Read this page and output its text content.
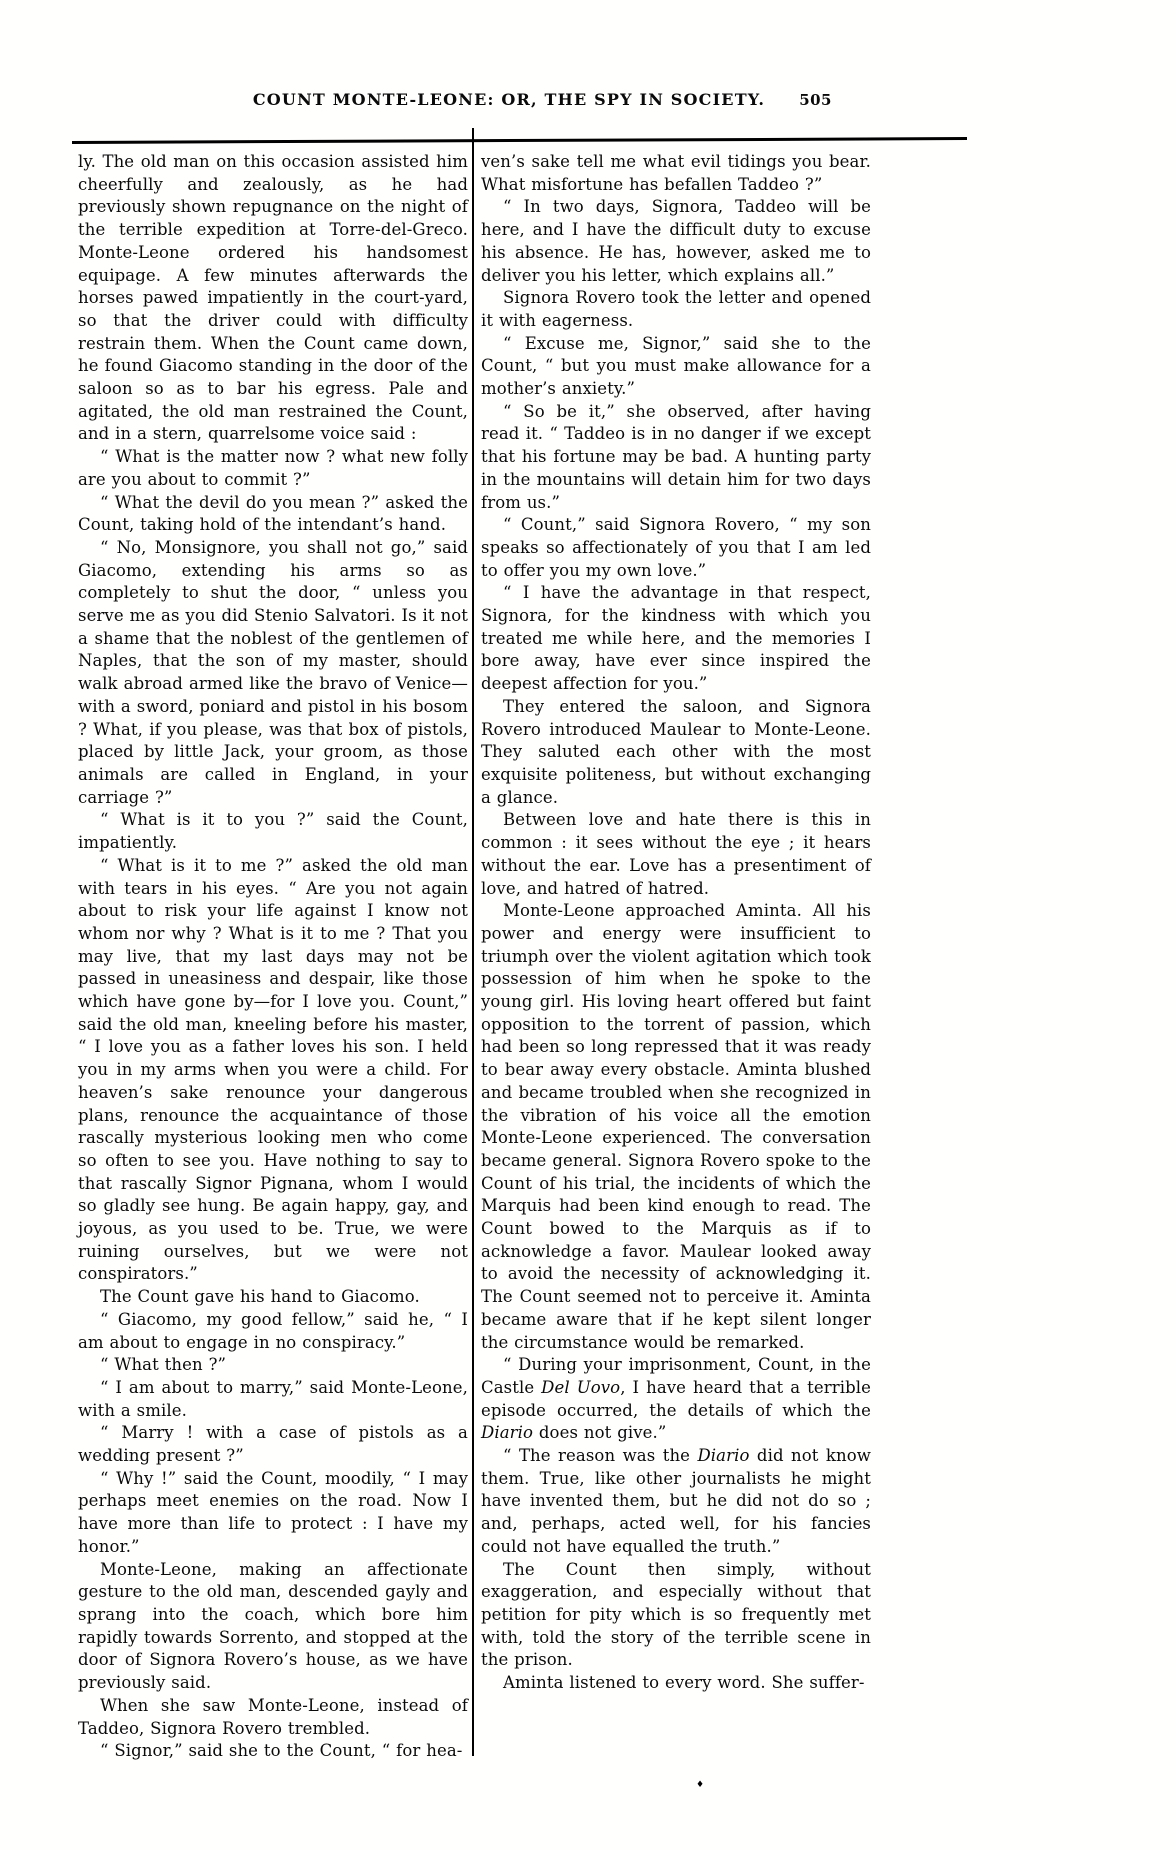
COUNT MONTE-LEONE: OR, THE SPY IN SOCIETY.	505

ly. The old man on this occasion assisted him cheerfully and zealously, as he had previously shown repugnance on the night of the terrible expedition at Torre-del-Greco. Monte-Leone ordered his handsomest equipage. A few minutes afterwards the horses pawed impatiently in the court-yard, so that the driver could with difficulty restrain them. When the Count came down, he found Giacomo standing in the door of the saloon so as to bar his egress. Pale and agitated, the old man restrained the Count, and in a stern, quarrelsome voice said :

“ What is the matter now ? what new folly are you about to commit ?”

“ What the devil do you mean ?” asked the Count, taking hold of the intendant’s hand.

“ No, Monsignore, you shall not go,” said Giacomo, extending his arms so as completely to shut the door, “ unless you serve me as you did Stenio Salvatori. Is it not a shame that the noblest of the gentlemen of Naples, that the son of my master, should walk abroad armed like the bravo of Venice—with a sword, poniard and pistol in his bosom ? What, if you please, was that box of pistols, placed by little Jack, your groom, as those animals are called in England, in your carriage ?”

“ What is it to you ?” said the Count, impatiently.

“ What is it to me ?” asked the old man with tears in his eyes. “ Are you not again about to risk your life against I know not whom nor why ? What is it to me ? That you may live, that my last days may not be passed in uneasiness and despair, like those which have gone by—for I love you. Count,” said the old man, kneeling before his master, “ I love you as a father loves his son. I held you in my arms when you were a child. For heaven’s sake renounce your dangerous plans, renounce the acquaintance of those rascally mysterious looking men who come so often to see you. Have nothing to say to that rascally Signor Pignana, whom I would so gladly see hung. Be again happy, gay, and joyous, as you used to be. True, we were ruining ourselves, but we were not conspirators.”

The Count gave his hand to Giacomo.

“ Giacomo, my good fellow,” said he, “ I am about to engage in no conspiracy.”

“ What then ?”

“ I am about to marry,” said Monte-Leone, with a smile.

“ Marry ! with a case of pistols as a wedding present ?”

“ Why !” said the Count, moodily, “ I may perhaps meet enemies on the road. Now I have more than life to protect : I have my honor.”

Monte-Leone, making an affectionate gesture to the old man, descended gayly and sprang into the coach, which bore him rapidly towards Sorrento, and stopped at the door of Signora Rovero’s house, as we have previously said.

When she saw Monte-Leone, instead of Taddeo, Signora Rovero trembled.

“ Signor,” said she to the Count, “ for hea-

ven’s sake tell me what evil tidings you bear. What misfortune has befallen Taddeo ?”

“ In two days, Signora, Taddeo will be here, and I have the difficult duty to excuse his absence. He has, however, asked me to deliver you his letter, which explains all.”

Signora Rovero took the letter and opened it with eagerness.

“ Excuse me, Signor,” said she to the Count, “ but you must make allowance for a mother’s anxiety.”

“ So be it,” she observed, after having read it. “ Taddeo is in no danger if we except that his fortune may be bad. A hunting party in the mountains will detain him for two days from us.”

“ Count,” said Signora Rovero, “ my son speaks so affectionately of you that I am led to offer you my own love.”

“ I have the advantage in that respect, Signora, for the kindness with which you treated me while here, and the memories I bore away, have ever since inspired the deepest affection for you.”

They entered the saloon, and Signora Rovero introduced Maulear to Monte-Leone. They saluted each other with the most exquisite politeness, but without exchanging a glance.

Between love and hate there is this in common : it sees without the eye ; it hears without the ear. Love has a presentiment of love, and hatred of hatred.

Monte-Leone approached Aminta. All his power and energy were insufficient to triumph over the violent agitation which took possession of him when he spoke to the young girl. His loving heart offered but faint opposition to the torrent of passion, which had been so long repressed that it was ready to bear away every obstacle. Aminta blushed and became troubled when she recognized in the vibration of his voice all the emotion Monte-Leone experienced. The conversation became general. Signora Rovero spoke to the Count of his trial, the incidents of which the Marquis had been kind enough to read. The Count bowed to the Marquis as if to acknowledge a favor. Maulear looked away to avoid the necessity of acknowledging it. The Count seemed not to perceive it. Aminta became aware that if he kept silent longer the circumstance would be remarked.

“ During your imprisonment, Count, in the Castle Del Uovo, I have heard that a terrible episode occurred, the details of which the Diario does not give.”

“ The reason was the Diario did not know them. True, like other journalists he might have invented them, but he did not do so ; and, perhaps, acted well, for his fancies could not have equalled the truth.”

The Count then simply, without exaggeration, and especially without that petition for pity which is so frequently met with, told the story of the terrible scene in the prison.

Aminta listened to every word. She suffer-

♦
